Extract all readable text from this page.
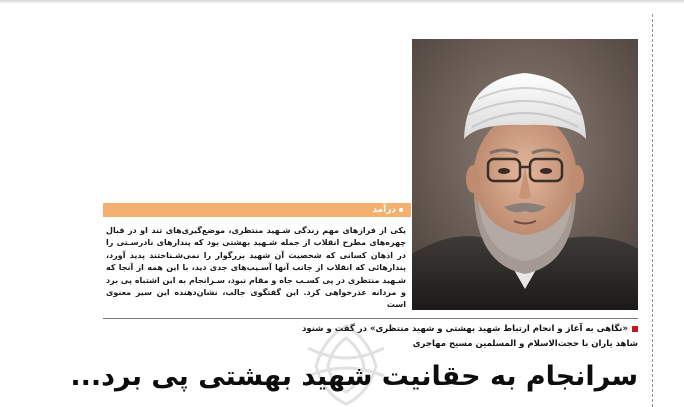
درآمد
یکی از فرازهای مهم زندگی شـهید منتظری، موضع‌گیری‌های تند او در قبال چهره‌های مطرح انقلاب از جمله شـهید بهشتی بود که پندارهای نادرسـتی را در اذهان کسانی که شخصیت آن شهید بزرگوار را نمی‌شـناختند پدید آورد، پندارهائی که انقلاب از جانب آنها آسـیب‌های جدی دید، با این همه از آنجا که شـهید منتظری در پی کسـب جاه و مقام نبود، سـرانجام به این اشتباه پی برد و مردانه عذرخواهی کرد. این گفتگوی جالب، نشان‌دهنده این سیر معنوی است
«نگاهی به آغاز و انجام ارتباط شهید بهشتی و شهید منتظری» در گفت و شنود
شاهد یاران با حجت‌الاسلام و المسلمین مسیح مهاجری
سرانجام به حقانیت شهید بهشتی پی برد...
